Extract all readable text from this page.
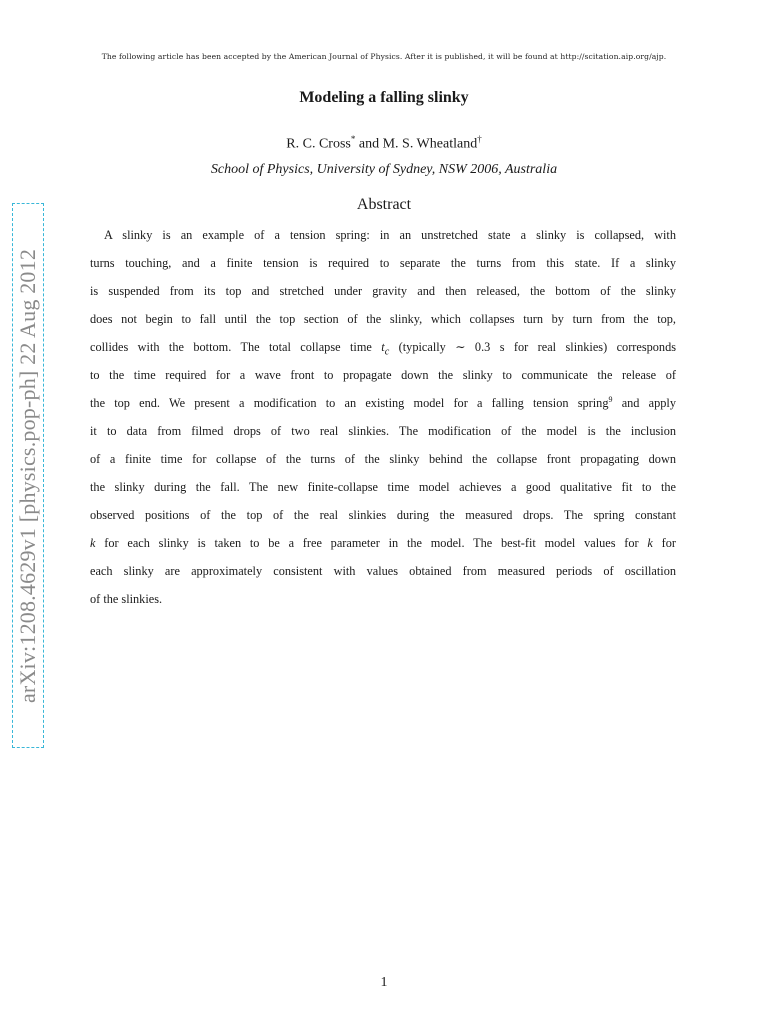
The following article has been accepted by the American Journal of Physics. After it is published, it will be found at http://scitation.aip.org/ajp.
arXiv:1208.4629v1 [physics.pop-ph] 22 Aug 2012
Modeling a falling slinky
R. C. Cross* and M. S. Wheatland†
School of Physics, University of Sydney, NSW 2006, Australia
Abstract
A slinky is an example of a tension spring: in an unstretched state a slinky is collapsed, with
turns touching, and a finite tension is required to separate the turns from this state. If a slinky
is suspended from its top and stretched under gravity and then released, the bottom of the slinky
does not begin to fall until the top section of the slinky, which collapses turn by turn from the top,
collides with the bottom. The total collapse time $t_c$ (typically ∼ 0.3 s for real slinkies) corresponds
to the time required for a wave front to propagate down the slinky to communicate the release of
the top end. We present a modification to an existing model for a falling tension spring$^9$ and apply
it to data from filmed drops of two real slinkies. The modification of the model is the inclusion
of a finite time for collapse of the turns of the slinky behind the collapse front propagating down
the slinky during the fall. The new finite-collapse time model achieves a good qualitative fit to the
observed positions of the top of the real slinkies during the measured drops. The spring constant
k for each slinky is taken to be a free parameter in the model. The best-fit model values for k for
each slinky are approximately consistent with values obtained from measured periods of oscillation
of the slinkies.
1
